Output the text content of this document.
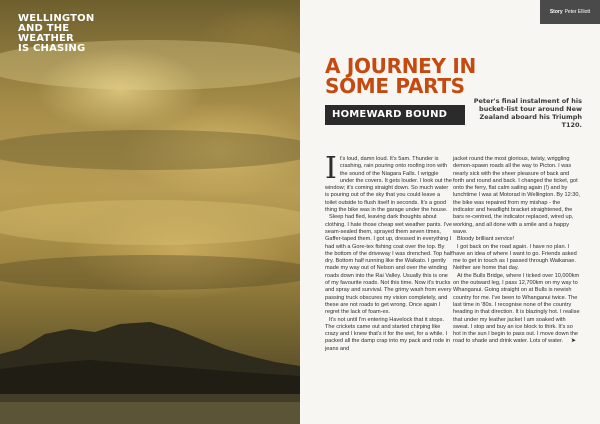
WELLINGTON
AND THE
WEATHER
IS CHASING
Story Peter Elliott
A JOURNEY IN
SOME PARTS
HOMEWARD BOUND
Peter's final instalment of his bucket-list tour around New Zealand aboard his Triumph T120.

It's loud, damn loud. It's 5am. Thunder is crashing, rain pouring onto roofing iron with the sound of the Niagara Falls. I wriggle under the covers. It gets louder. I look out the window; it's coming straight down. So much water is pouring out of the sky that you could leave a toilet outside to flush itself in seconds. It's a good thing the bike was in the garage under the house.

Sleep had fled, leaving dark thoughts about clothing. I hate those cheap wet weather pants. I've seam-sealed them, sprayed them seven times, Gaffer-taped them. I got up, dressed in everything I had with a Gore-tex fishing coat over the top. By the bottom of the driveway I was drenched. Top half dry. Bottom half running like the Waikato. I gently made my way out of Nelson and over the winding roads down into the Rai Valley. Usually this is one of my favourite roads. Not this time. Now it's trucks and spray and survival. The grimy wash from every passing truck obscures my vision completely, and these are not roads to get wrong. Once again I regret the lack of foam-ex.

It's not until I'm entering Havelock that it stops. The crickets came out and started chirping like crazy and I knew that's it for the wet, for a while. I packed all the damp crap into my pack and rode in jeans and

jacket round the most glorious, twisty, wriggling demon-spawn roads all the way to Picton. I was nearly sick with the sheer pleasure of back and forth and round and back. I changed the ticket, got onto the ferry, flat calm sailing again (!) and by lunchtime I was at Motorad in Wellington. By 12:30, the bike was repaired from my mishap - the indicator and headlight bracket straightened, the bars re-centred, the indicator replaced, wired up, working, and all done with a smile and a happy wave.

Bloody brilliant service!

I got back on the road again. I have no plan. I have an idea of where I want to go. Friends asked me to get in touch as I passed through Waikanae. Neither are home that day.

At the Bulls Bridge, where I ticked over 10,000km on the outward leg, I pass 12,700km on my way to Whanganui. Going straight on at Bulls is newish country for me. I've been to Whanganui twice. The last time in '80s. I recognise none of the country heading in that direction. It is blazingly hot. I realise that under my leather jacket I am soaked with sweat. I stop and buy an ice block to thirk. It's so hot in the sun I begin to pass out. I move down the road to shade and drink water. Lots of water. ➤
